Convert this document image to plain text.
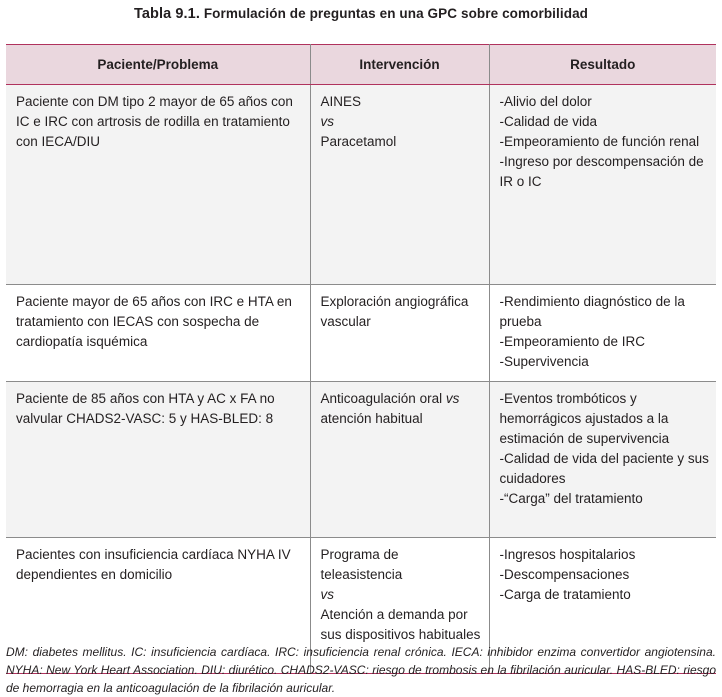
Tabla 9.1. Formulación de preguntas en una GPC sobre comorbilidad
Paciente/Problema	Intervención	Resultado

Paciente con DM tipo 2 mayor de 65 años con IC e IRC con artrosis de rodilla en tratamiento con IECA/DIU	AINES
vs
Paracetamol	-Alivio del dolor
-Calidad de vida
-Empeoramiento de función renal
-Ingreso por descompensación de IR o IC

Paciente mayor de 65 años con IRC e HTA en tratamiento con IECAS con sospecha de cardiopatía isquémica	Exploración angiográfica vascular	-Rendimiento diagnóstico de la prueba
-Empeoramiento de IRC
-Supervivencia

Paciente de 85 años con HTA y AC x FA no valvular CHADS2-VASC: 5 y HAS-BLED: 8	Anticoagulación oral vs
atención habitual	-Eventos trombóticos y hemorrágicos ajustados a la estimación de supervivencia
-Calidad de vida del paciente y sus cuidadores
-“Carga” del tratamiento

Pacientes con insuficiencia cardíaca NYHA IV dependientes en domicilio	Programa de teleasistencia
vs
Atención a demanda por sus dispositivos habituales	-Ingresos hospitalarios
-Descompensaciones
-Carga de tratamiento
DM: diabetes mellitus. IC: insuficiencia cardíaca. IRC: insuficiencia renal crónica. IECA: inhibidor enzima convertidor angiotensina. NYHA: New York Heart Association. DIU: diurético. CHADS2-VASC: riesgo de trombosis en la fibrilación auricular. HAS-BLED: riesgo de hemorragia en la anticoagulación de la fibrilación auricular.
